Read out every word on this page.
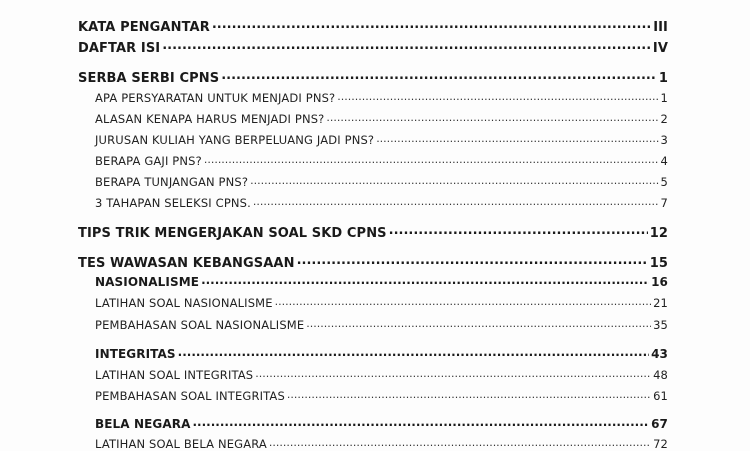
KATA PENGANTAR .....	III
DAFTAR ISI .....	IV
SERBA SERBI CPNS .....	1
APA PERSYARATAN UNTUK MENJADI PNS? .....	1
ALASAN KENAPA HARUS MENJADI PNS? .....	2
JURUSAN KULIAH YANG BERPELUANG JADI PNS? .....	3
BERAPA GAJI PNS? .....	4
BERAPA TUNJANGAN PNS? .....	5
3 TAHAPAN SELEKSI CPNS. .....	7
TIPS TRIK MENGERJAKAN SOAL SKD CPNS .....	12
TES WAWASAN KEBANGSAAN .....	15
NASIONALISME .....	16
LATIHAN SOAL NASIONALISME .....	21
PEMBAHASAN SOAL NASIONALISME .....	35
INTEGRITAS .....	43
LATIHAN SOAL INTEGRITAS .....	48
PEMBAHASAN SOAL INTEGRITAS .....	61
BELA NEGARA .....	67
LATIHAN SOAL BELA NEGARA .....	72
